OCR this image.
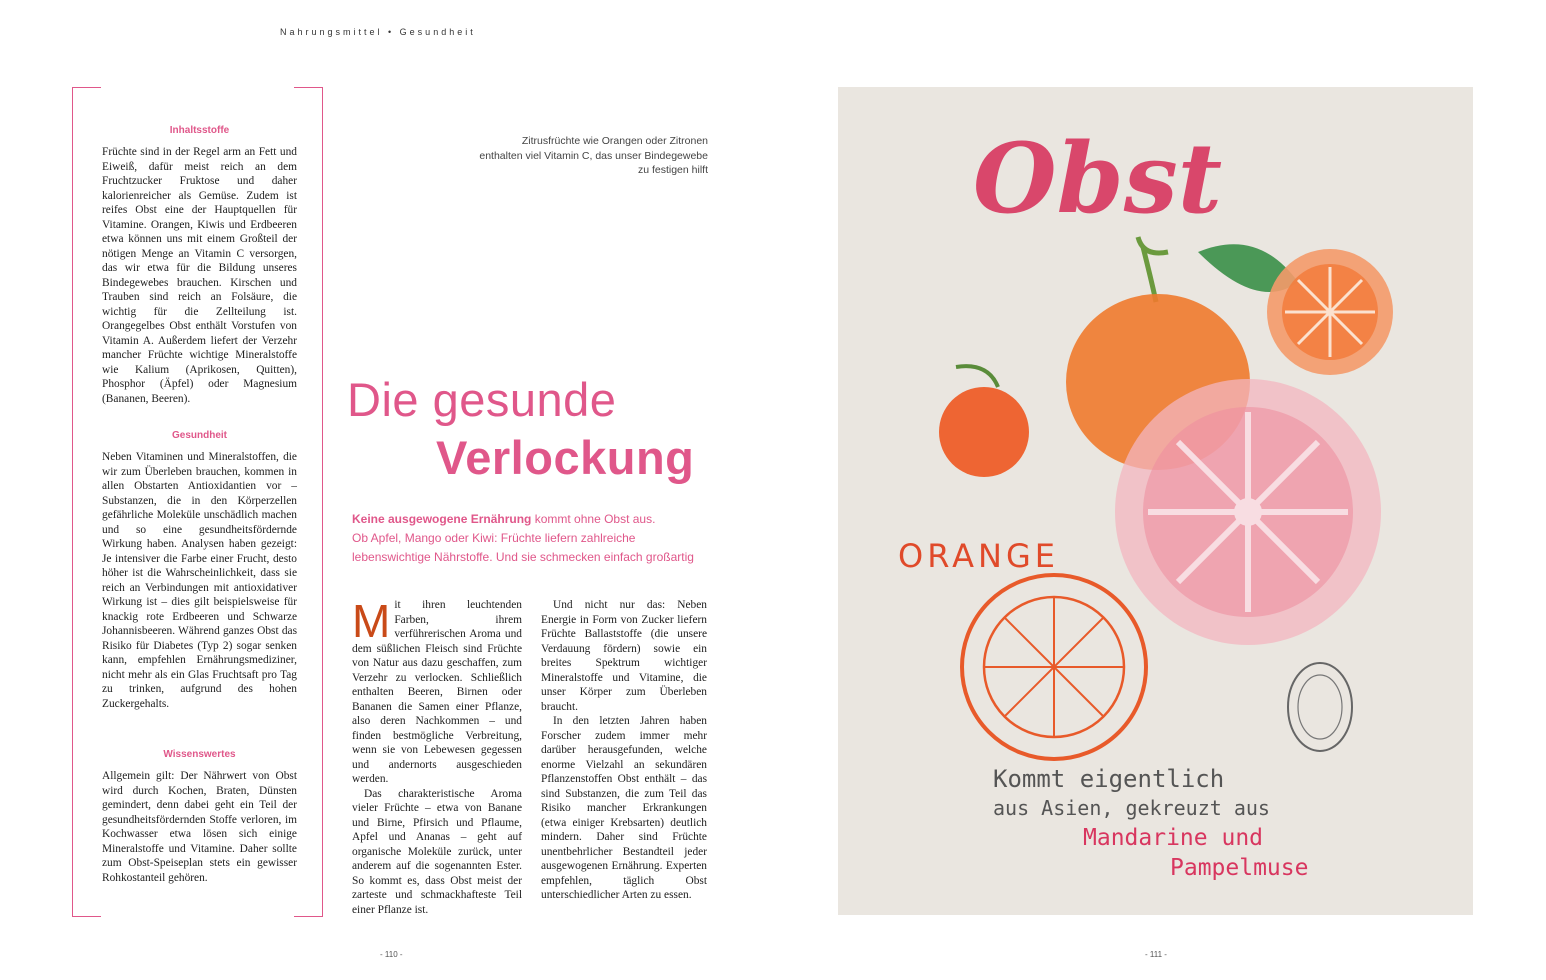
Nahrungsmittel • Gesundheit
Inhaltsstoffe
Früchte sind in der Regel arm an Fett und Eiweiß, dafür meist reich an dem Fruchtzucker Fruktose und daher kalorienreicher als Gemüse. Zudem ist reifes Obst eine der Hauptquellen für Vitamine. Orangen, Kiwis und Erdbeeren etwa können uns mit einem Großteil der nötigen Menge an Vitamin C versorgen, das wir etwa für die Bildung unseres Bindegewebes brauchen. Kirschen und Trauben sind reich an Folsäure, die wichtig für die Zellteilung ist. Orangegelbes Obst enthält Vorstufen von Vitamin A. Außerdem liefert der Verzehr mancher Früchte wichtige Mineralstoffe wie Kalium (Aprikosen, Quitten), Phosphor (Äpfel) oder Magnesium (Bananen, Beeren).
Gesundheit
Neben Vitaminen und Mineralstoffen, die wir zum Überleben brauchen, kommen in allen Obstarten Antioxidantien vor – Substanzen, die in den Körperzellen gefährliche Moleküle unschädlich machen und so eine gesundheitsfördernde Wirkung haben. Analysen haben gezeigt: Je intensiver die Farbe einer Frucht, desto höher ist die Wahrscheinlichkeit, dass sie reich an Verbindungen mit antioxidativer Wirkung ist – dies gilt beispielsweise für knackig rote Erdbeeren und Schwarze Johannisbeeren. Während ganzes Obst das Risiko für Diabetes (Typ 2) sogar senken kann, empfehlen Ernährungsmediziner, nicht mehr als ein Glas Fruchtsaft pro Tag zu trinken, aufgrund des hohen Zuckergehalts.
Wissenswertes
Allgemein gilt: Der Nährwert von Obst wird durch Kochen, Braten, Dünsten gemindert, denn dabei geht ein Teil der gesundheitsfördernden Stoffe verloren, im Kochwasser etwa lösen sich einige Mineralstoffe und Vitamine. Daher sollte zum Obst-Speiseplan stets ein gewisser Rohkostanteil gehören.
Zitrusfrüchte wie Orangen oder Zitronen enthalten viel Vitamin C, das unser Bindegewebe zu festigen hilft
Die gesunde
Verlockung
Keine ausgewogene Ernährung kommt ohne Obst aus.
Ob Apfel, Mango oder Kiwi: Früchte liefern zahlreiche lebenswichtige Nährstoffe. Und sie schmecken einfach großartig
M it ihren leuchtenden Farben, ihrem verführerischen Aroma und dem süßlichen Fleisch sind Früchte von Natur aus dazu geschaffen, zum Verzehr zu verlocken. Schließlich enthalten Beeren, Birnen oder Bananen die Samen einer Pflanze, also deren Nachkommen – und finden bestmögliche Verbreitung, wenn sie von Lebewesen gegessen und andernorts ausgeschieden werden.

Das charakteristische Aroma vieler Früchte – etwa von Banane und Birne, Pfirsich und Pflaume, Apfel und Ananas – geht auf organische Moleküle zurück, unter anderem auf die sogenannten Ester. So kommt es, dass Obst meist der zarteste und schmackhafteste Teil einer Pflanze ist.

Und nicht nur das: Neben Energie in Form von Zucker liefern Früchte Ballaststoffe (die unsere Verdauung fördern) sowie ein breites Spektrum wichtiger Mineralstoffe und Vitamine, die unser Körper zum Überleben braucht.

In den letzten Jahren haben Forscher zudem immer mehr darüber herausgefunden, welche enorme Vielzahl an sekundären Pflanzenstoffen Obst enthält – das sind Substanzen, die zum Teil das Risiko mancher Erkrankungen (etwa einiger Krebsarten) deutlich mindern. Daher sind Früchte unentbehrlicher Bestandteil jeder ausgewogenen Ernährung. Experten empfehlen, täglich Obst unterschiedlicher Arten zu essen.

- 110 -	- 111 -
Obst
ORANGE
Kommt eigentlich
aus Asien, gekreuzt aus
Mandarine und
Pampelmuse
